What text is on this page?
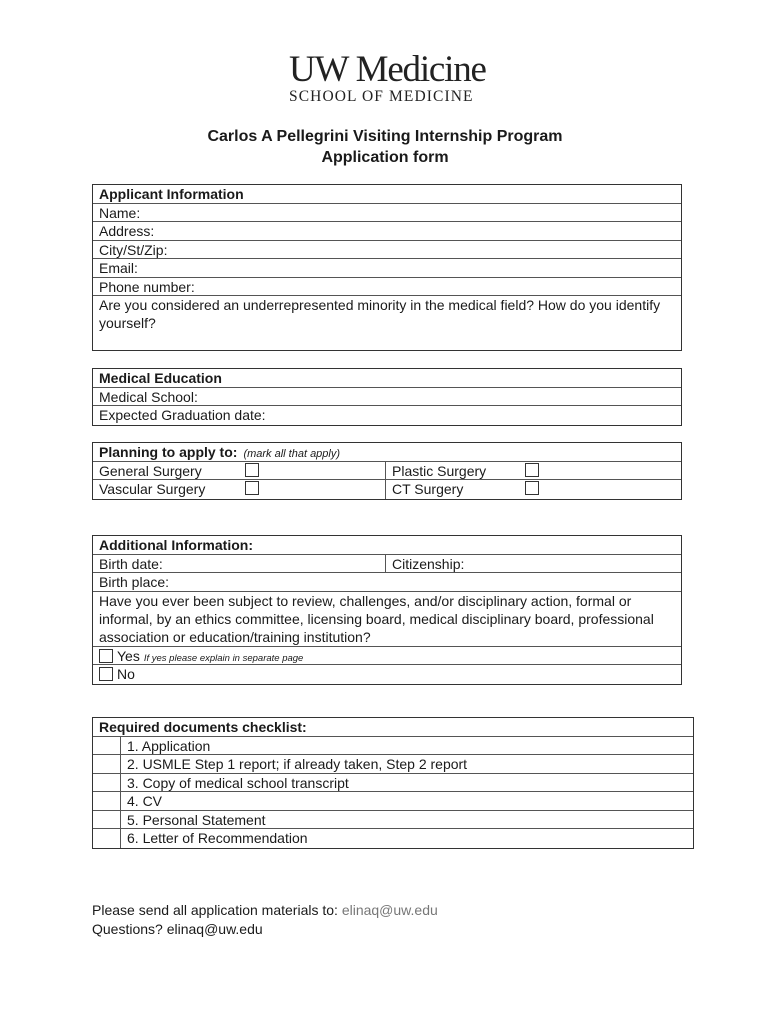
UW Medicine
SCHOOL OF MEDICINE
Carlos A Pellegrini Visiting Internship Program
Application form
Applicant Information
Name:
Address:
City/St/Zip:
Email:
Phone number:
Are you considered an underrepresented minority in the medical field? How do you identify yourself?
Medical Education
Medical School:
Expected Graduation date:
Planning to apply to: (mark all that apply)
General Surgery	Plastic Surgery
Vascular Surgery	CT Surgery
Additional Information:
Birth date:	Citizenship:
Birth place:
Have you ever been subject to review, challenges, and/or disciplinary action, formal or informal, by an ethics committee, licensing board, medical disciplinary board, professional association or education/training institution?
Yes If yes please explain in separate page
No
Required documents checklist:
1. Application
2. USMLE Step 1 report; if already taken, Step 2 report
3. Copy of medical school transcript
4. CV
5. Personal Statement
6. Letter of Recommendation
Please send all application materials to: elinaq@uw.edu
Questions? elinaq@uw.edu
